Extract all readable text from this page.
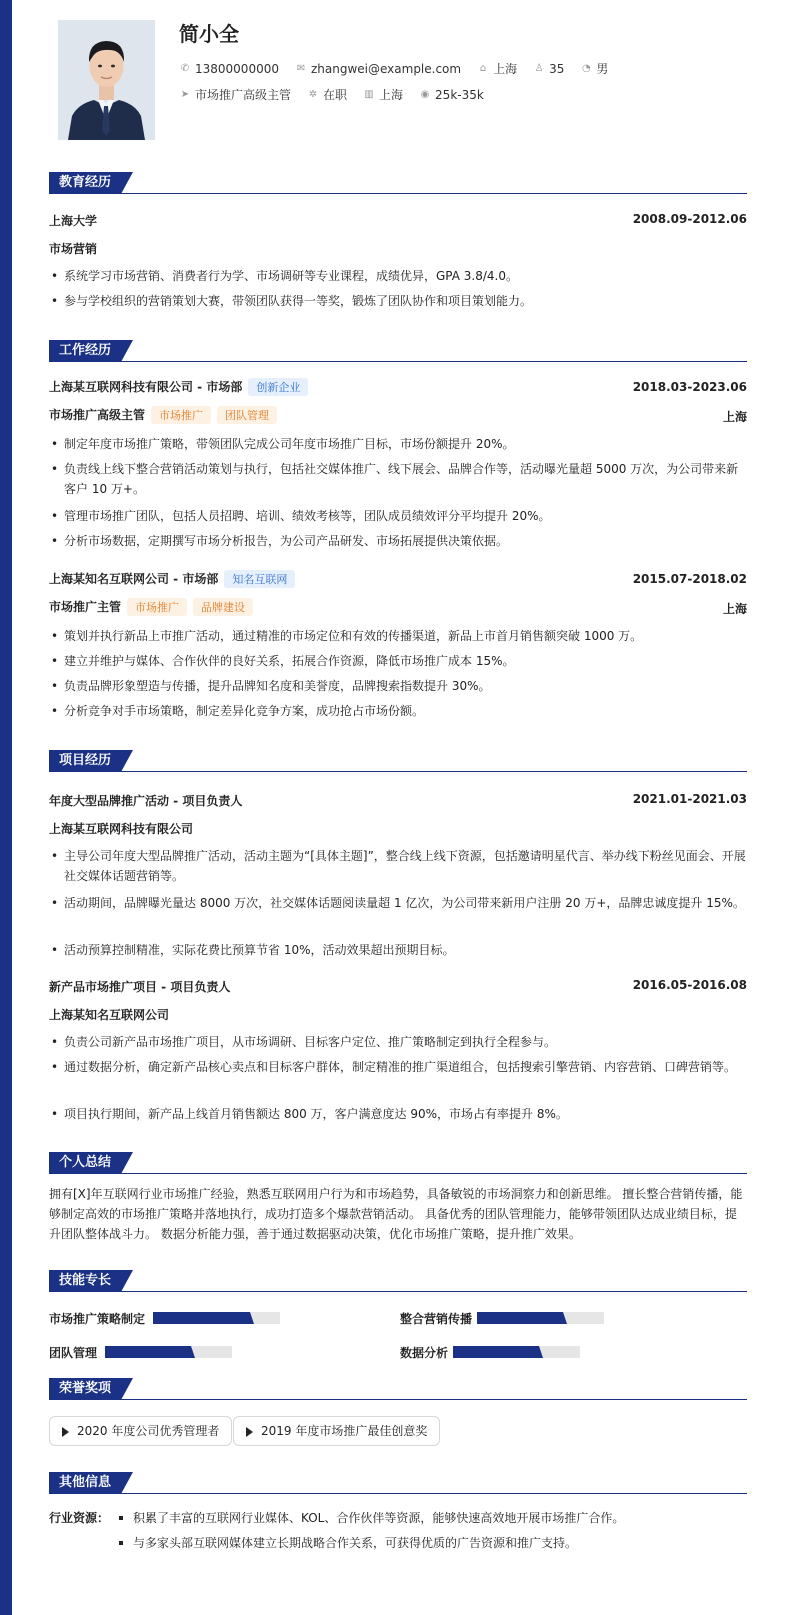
简小全
✆ 13800000000 ✉ zhangwei@example.com ⌂ 上海 ♙ 35 ◔ 男
➤ 市场推广高级主管 ✲ 在职 ▥ 上海 ◉ 25k-35k
教育经历
上海大学	2008.09-2012.06
市场营销
• 系统学习市场营销、消费者行为学、市场调研等专业课程，成绩优异，GPA 3.8/4.0。
• 参与学校组织的营销策划大赛，带领团队获得一等奖，锻炼了团队协作和项目策划能力。
工作经历
上海某互联网科技有限公司 - 市场部 创新企业	2018.03-2023.06
市场推广高级主管 市场推广 团队管理	上海
• 制定年度市场推广策略，带领团队完成公司年度市场推广目标，市场份额提升 20%。
• 负责线上线下整合营销活动策划与执行，包括社交媒体推广、线下展会、品牌合作等，活动曝光量超 5000 万次，为公司带来新客户 10 万+。
• 管理市场推广团队，包括人员招聘、培训、绩效考核等，团队成员绩效评分平均提升 20%。
• 分析市场数据，定期撰写市场分析报告，为公司产品研发、市场拓展提供决策依据。
上海某知名互联网公司 - 市场部 知名互联网	2015.07-2018.02
市场推广主管 市场推广 品牌建设	上海
• 策划并执行新品上市推广活动，通过精准的市场定位和有效的传播渠道，新品上市首月销售额突破 1000 万。
• 建立并维护与媒体、合作伙伴的良好关系，拓展合作资源，降低市场推广成本 15%。
• 负责品牌形象塑造与传播，提升品牌知名度和美誉度，品牌搜索指数提升 30%。
• 分析竞争对手市场策略，制定差异化竞争方案，成功抢占市场份额。
项目经历
年度大型品牌推广活动 - 项目负责人	2021.01-2021.03
上海某互联网科技有限公司
• 主导公司年度大型品牌推广活动，活动主题为“[具体主题]”，整合线上线下资源，包括邀请明星代言、举办线下粉丝见面会、开展社交媒体话题营销等。
• 活动期间，品牌曝光量达 8000 万次，社交媒体话题阅读量超 1 亿次，为公司带来新用户注册 20 万+，品牌忠诚度提升 15%。
• 活动预算控制精准，实际花费比预算节省 10%，活动效果超出预期目标。
新产品市场推广项目 - 项目负责人	2016.05-2016.08
上海某知名互联网公司
• 负责公司新产品市场推广项目，从市场调研、目标客户定位、推广策略制定到执行全程参与。
• 通过数据分析，确定新产品核心卖点和目标客户群体，制定精准的推广渠道组合，包括搜索引擎营销、内容营销、口碑营销等。
• 项目执行期间，新产品上线首月销售额达 800 万，客户满意度达 90%，市场占有率提升 8%。
个人总结
拥有[X]年互联网行业市场推广经验，熟悉互联网用户行为和市场趋势，具备敏锐的市场洞察力和创新思维。 擅长整合营销传播，能够制定高效的市场推广策略并落地执行，成功打造多个爆款营销活动。 具备优秀的团队管理能力，能够带领团队达成业绩目标，提升团队整体战斗力。 数据分析能力强，善于通过数据驱动决策，优化市场推广策略，提升推广效果。
技能专长
市场推广策略制定	整合营销传播
团队管理	数据分析
荣誉奖项
2020 年度公司优秀管理者	2019 年度市场推广最佳创意奖
其他信息
行业资源：	积累了丰富的互联网行业媒体、KOL、合作伙伴等资源，能够快速高效地开展市场推广合作。
与多家头部互联网媒体建立长期战略合作关系，可获得优质的广告资源和推广支持。
